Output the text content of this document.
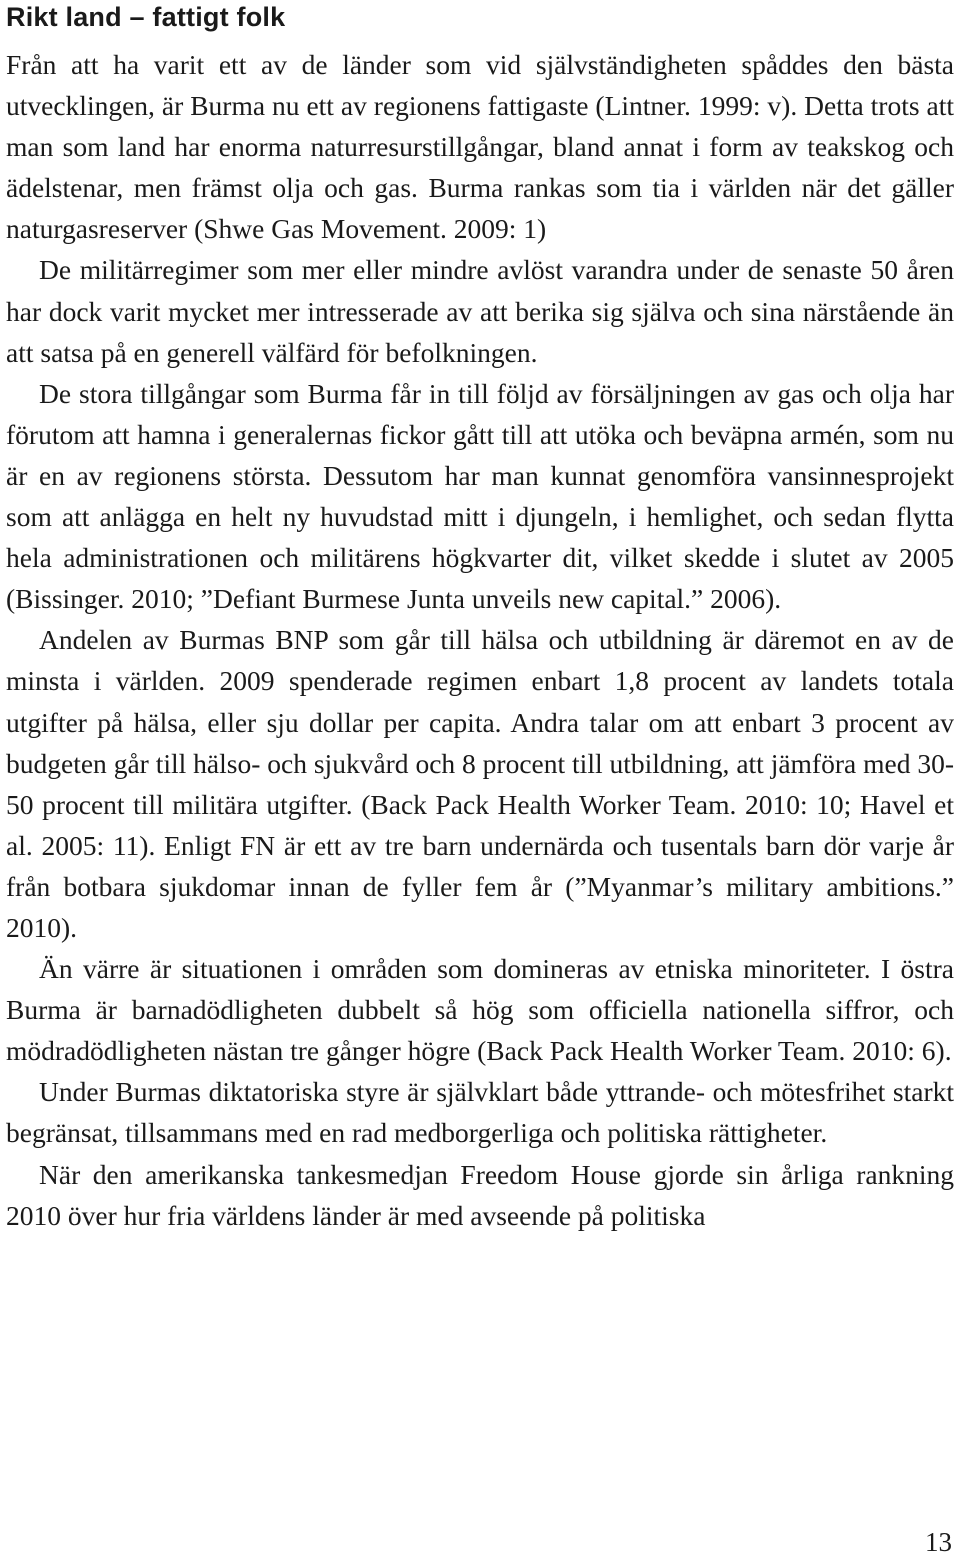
Rikt land – fattigt folk

Från att ha varit ett av de länder som vid självständigheten spåddes den bästa utvecklingen, är Burma nu ett av regionens fattigaste (Lintner. 1999: v). Detta trots att man som land har enorma naturresurstillgångar, bland annat i form av teakskog och ädelstenar, men främst olja och gas. Burma rankas som tia i världen när det gäller naturgasreserver (Shwe Gas Movement. 2009: 1)

De militärregimer som mer eller mindre avlöst varandra under de senaste 50 åren har dock varit mycket mer intresserade av att berika sig själva och sina närstående än att satsa på en generell välfärd för befolkningen.

De stora tillgångar som Burma får in till följd av försäljningen av gas och olja har förutom att hamna i generalernas fickor gått till att utöka och beväpna armén, som nu är en av regionens största. Dessutom har man kunnat genomföra vansinnesprojekt som att anlägga en helt ny huvudstad mitt i djungeln, i hemlighet, och sedan flytta hela administrationen och militärens högkvarter dit, vilket skedde i slutet av 2005 (Bissinger. 2010; ”Defiant Burmese Junta unveils new capital.” 2006).

Andelen av Burmas BNP som går till hälsa och utbildning är däremot en av de minsta i världen. 2009 spenderade regimen enbart 1,8 procent av landets totala utgifter på hälsa, eller sju dollar per capita. Andra talar om att enbart 3 procent av budgeten går till hälso- och sjukvård och 8 procent till utbildning, att jämföra med 30-50 procent till militära utgifter. (Back Pack Health Worker Team. 2010: 10; Havel et al. 2005: 11). Enligt FN är ett av tre barn undernärda och tusentals barn dör varje år från botbara sjukdomar innan de fyller fem år (”Myanmar’s military ambitions.” 2010).

Än värre är situationen i områden som domineras av etniska minoriteter. I östra Burma är barnadödligheten dubbelt så hög som officiella nationella siffror, och mödradödligheten nästan tre gånger högre (Back Pack Health Worker Team. 2010: 6).

Under Burmas diktatoriska styre är självklart både yttrande- och mötesfrihet starkt begränsat, tillsammans med en rad medborgerliga och politiska rättigheter.

När den amerikanska tankesmedjan Freedom House gjorde sin årliga rankning 2010 över hur fria världens länder är med avseende på politiska

13
